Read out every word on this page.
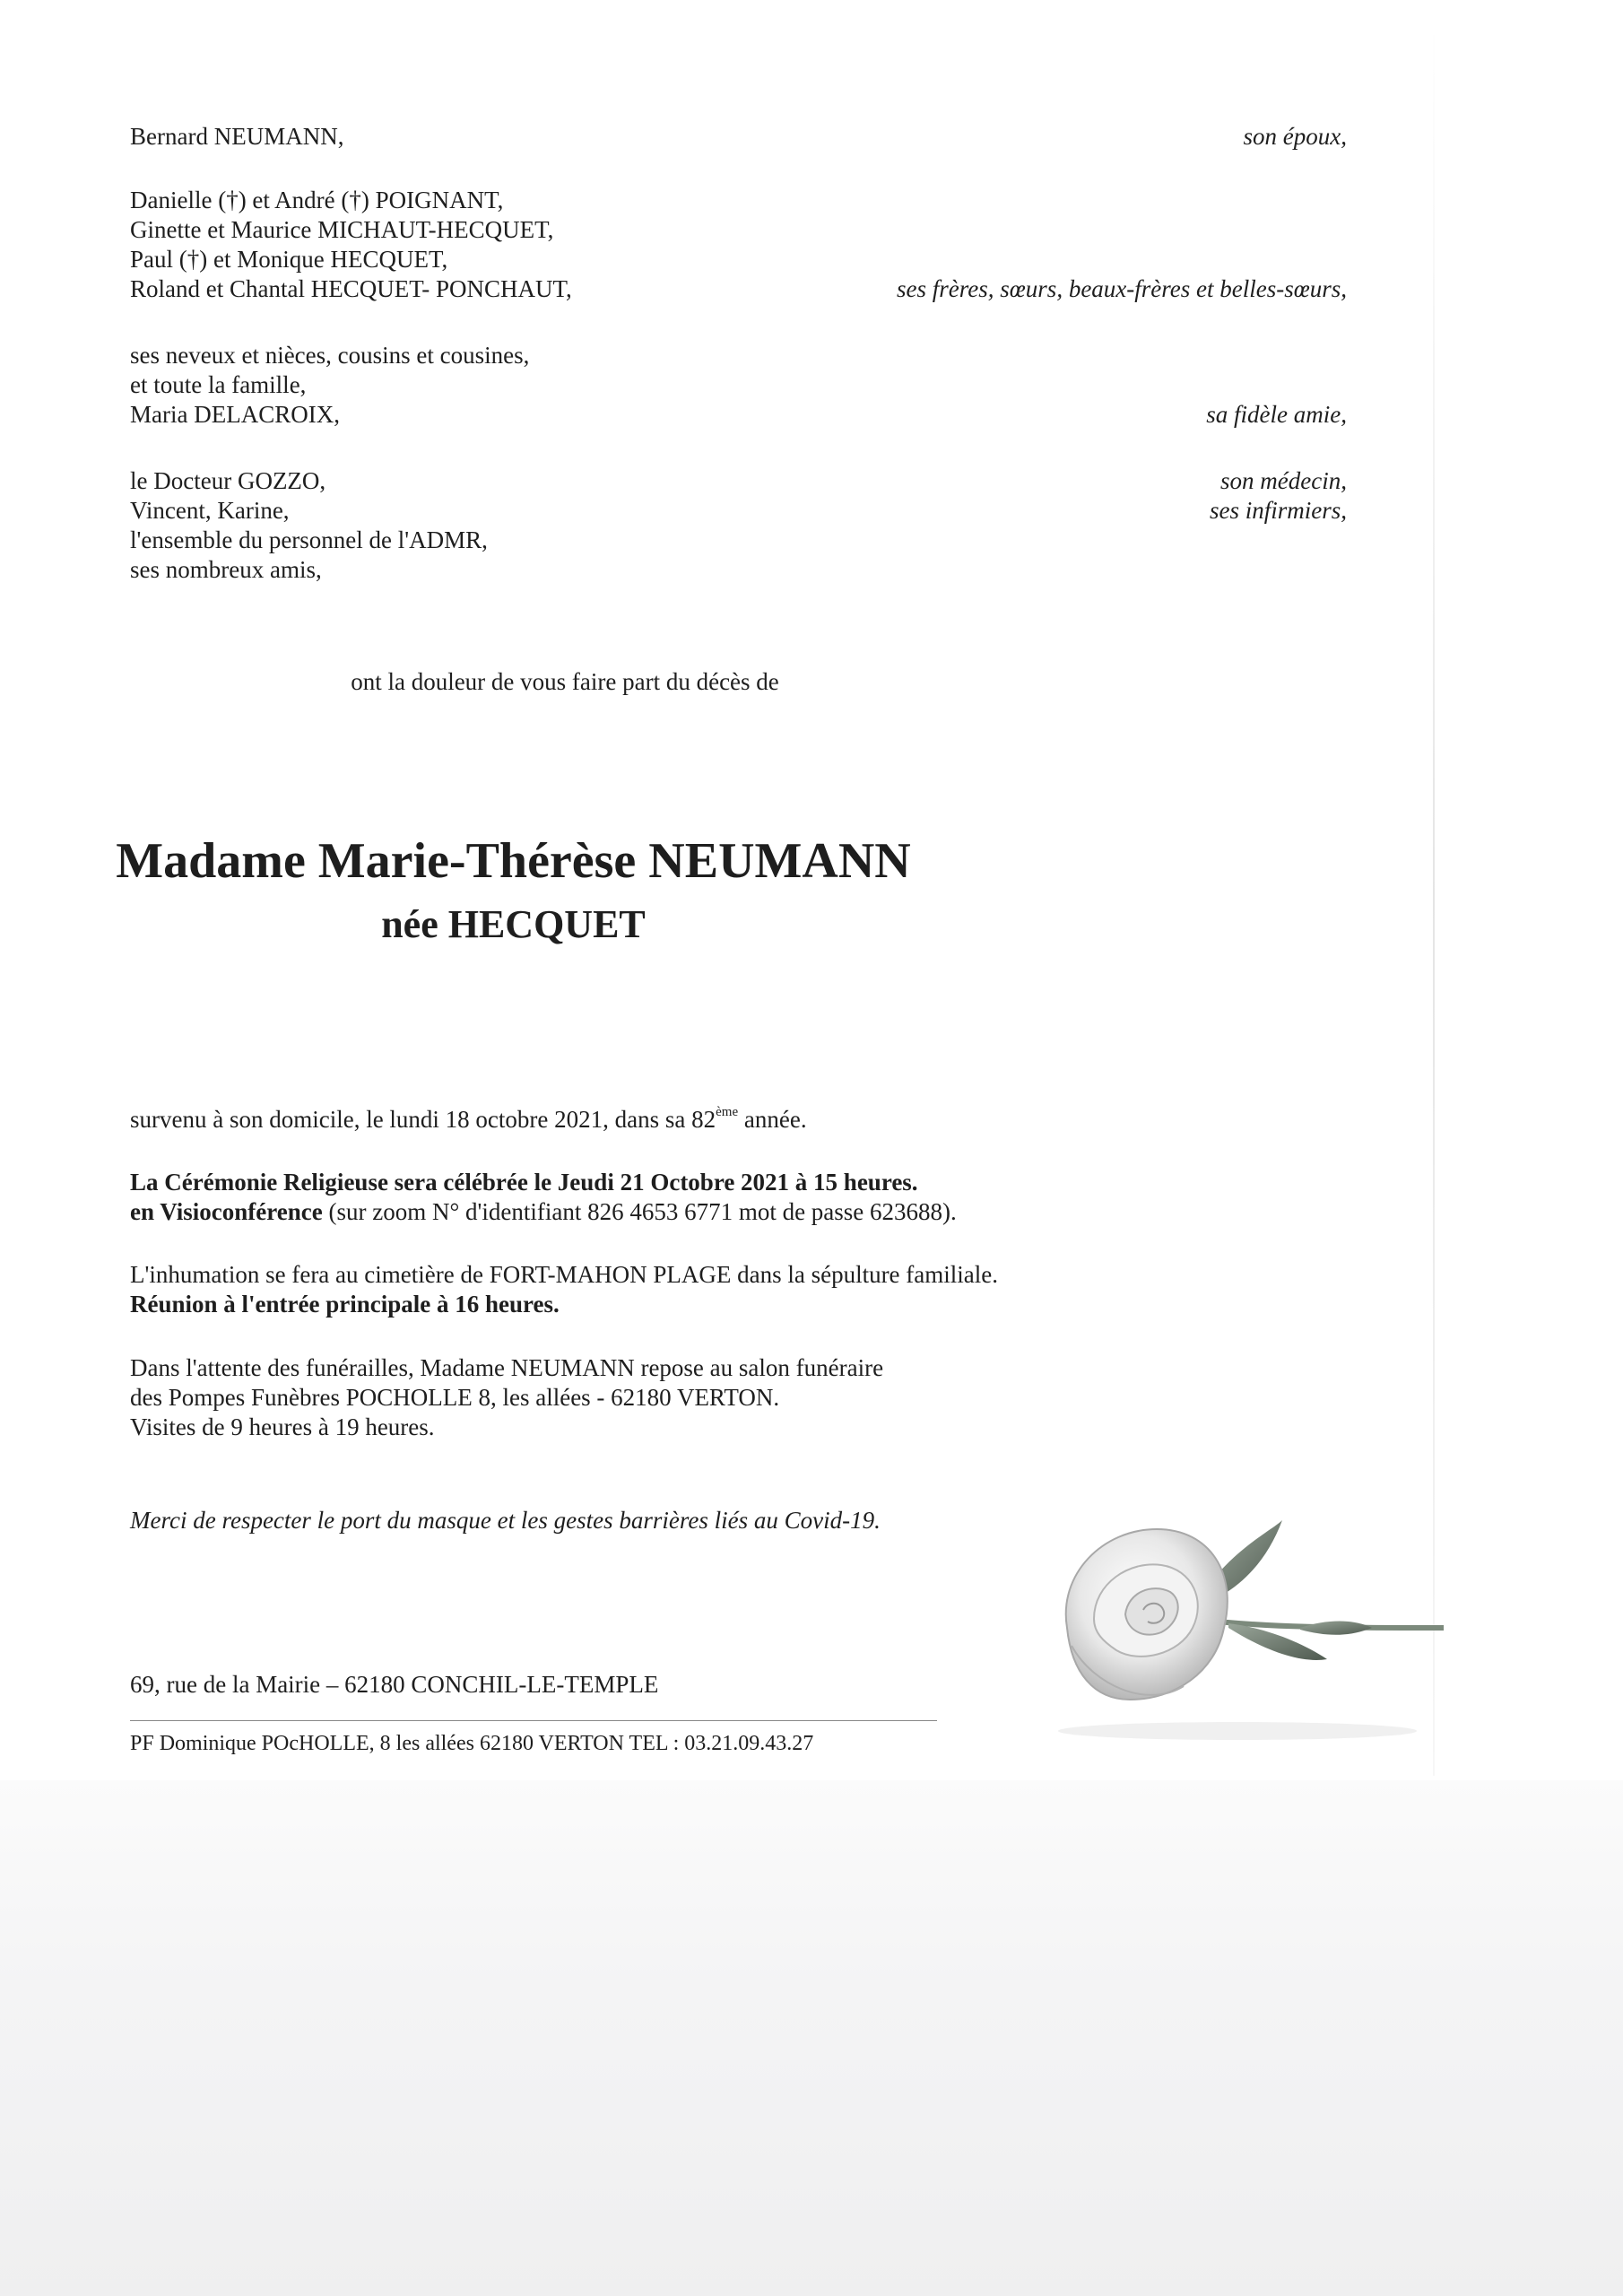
Bernard NEUMANN,	son époux,
Danielle (†) et André (†) POIGNANT,
Ginette et Maurice MICHAUT-HECQUET,
Paul (†) et Monique HECQUET,
Roland et Chantal HECQUET- PONCHAUT,	ses frères, sœurs, beaux-frères et belles-sœurs,
ses neveux et nièces, cousins et cousines,
et toute la famille,
Maria DELACROIX,	sa fidèle amie,
le Docteur GOZZO,	son médecin,
Vincent, Karine,	ses infirmiers,
l'ensemble du personnel de l'ADMR,
ses nombreux amis,
ont la douleur de vous faire part du décès de
Madame Marie-Thérèse NEUMANN
née HECQUET
survenu à son domicile, le lundi 18 octobre 2021, dans sa 82ème année.
La Cérémonie Religieuse sera célébrée le Jeudi 21 Octobre 2021 à 15 heures.
en Visioconférence (sur zoom N° d'identifiant 826 4653 6771 mot de passe 623688).
L'inhumation se fera au cimetière de FORT-MAHON PLAGE dans la sépulture familiale.
Réunion à l'entrée principale à 16 heures.
Dans l'attente des funérailles, Madame NEUMANN repose au salon funéraire
des Pompes Funèbres POCHOLLE 8, les allées - 62180 VERTON.
Visites de 9 heures à 19 heures.
Merci de respecter le port du masque et les gestes barrières liés au Covid-19.
69, rue de la Mairie – 62180 CONCHIL-LE-TEMPLE
PF Dominique POcHOLLE, 8 les allées 62180 VERTON TEL : 03.21.09.43.27
